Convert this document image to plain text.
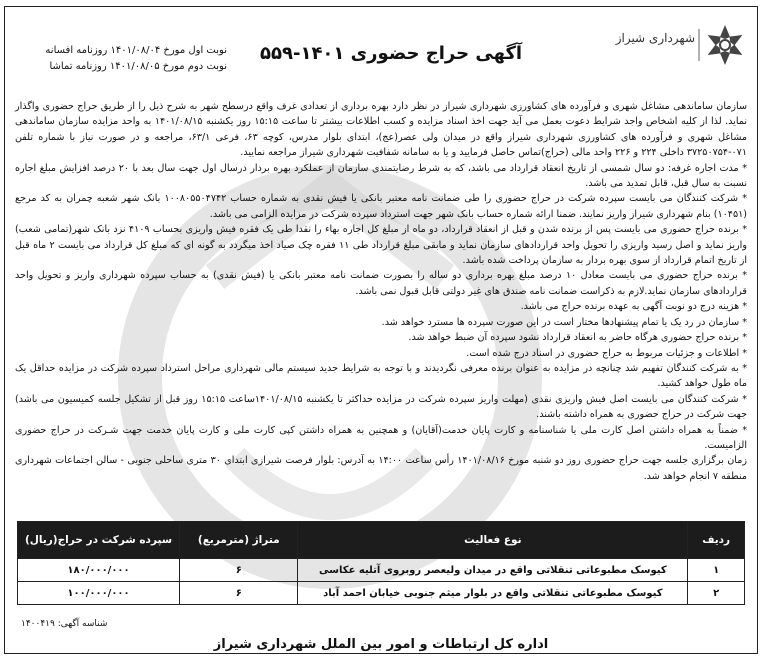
شهرداری شیراز
آگهی حراج حضوری ۱۴۰۱-۵۵۹
نوبت اول مورخ ۱۴۰۱/۰۸/۰۴ روزنامه افسانه
نوبت دوم مورخ ۱۴۰۱/۰۸/۰۵ روزنامه تماشا

سازمان ساماندهی مشاغل شهری و فرآورده های کشاورزی شهرداری شیراز در نظر دارد بهره برداری از تعدادی غرف واقع درسطح شهر به شرح ذیل را از طریق حراج حضوری واگذار نماید. لذا از کلیه اشخاص واجد شرایط دعوت بعمل می آید جهت اخذ اسناد مزایده و کسب اطلاعات بیشتر تا ساعت ۱۵:۱۵ روز یکشنبه ۱۴۰۱/۰۸/۱۵ به واحد مزایده سازمان ساماندهی مشاغل شهری و فرآورده های کشاورزی شهرداری شیراز واقع در میدان ولی عصر(عج)، ابتدای بلوار مدرس، کوچه ۶۳، فرعی ۶۳/۱، مراجعه و در صورت نیاز با شماره تلفن ۰۷۱-۳۷۲۵۰۷۵۴ داخلی ۲۲۴ و ۲۲۶ واحد مالی (حراج)تماس حاصل فرمایید و یا به سامانه شفافیت شهرداری شیراز مراجعه نمایید.

* مدت اجاره غرفه: دو سال شمسی از تاریخ انعقاد قرارداد می باشد، که به شرط رضایتمندی سازمان از عملکرد بهره بردار درسال اول جهت سال بعد با ۲۰ درصد افزایش مبلغ اجاره نسبت به سال قبل، قابل تمدید می باشد.

* شرکت کنندگان می بایست سپرده شرکت در حراج حضوری را طی ضمانت نامه معتبر بانکی یا فیش نقدی به شماره حساب ۱۰۰۸۰۵۵۰۴۷۴۲ بانک شهر شعبه چمران به کد مرجع (۱۰۴۵۱) بنام شهرداری شیراز واریز نمایند. ضمنا ارائه شماره حساب بانک شهر جهت استرداد سپرده شرکت در مزایده الزامی می باشد.

* برنده حراج حضوری می بایست پس از برنده شدن و قبل از انعقاد قرارداد، دو ماه از مبلغ کل اجاره بهاء را نقدا طی یک فقره فیش واریزی بحساب ۴۱۰۹ نزد بانک شهر(تمامی شعب) واریز نماید و اصل رسید واریزی را تحویل واحد قراردادهای سازمان نماید و مابقی مبلغ قرارداد طی ۱۱ فقره چک صیاد اخذ میگردد به گونه ای که مبلغ کل قرارداد می بایست ۲ ماه قبل از تاریخ اتمام قرارداد از سوی بهره بردار به سازمان پرداخت شده باشد.

* برنده حراج حضوری می بایست معادل ۱۰ درصد مبلغ بهره برداری دو ساله را بصورت ضمانت نامه معتبر بانکی یا (فیش نقدی) به حساب سپرده شهرداری واریز و تحویل واحد قراردادهای سازمان نماید.لازم به ذکراست ضمانت نامه صندق های غیر دولتی قابل قبول نمی باشد.

* هزینه درج دو نوبت آگهی به عهده برنده حراج می باشد.

* سازمان در رد یک یا تمام پیشنهادها مختار است در این صورت سپرده ها مسترد خواهد شد.

* برنده حراج حضوری هرگاه حاضر به انعقاد قرارداد نشود سپرده آن ضبط خواهد شد.

* اطلاعات و جزئیات مربوط به حراج حضوری در اسناد درج شده است.

* به شرکت کنندگان تفهیم شد چنانچه در مزایده به عنوان برنده معرفی نگردیدند و با توجه به شرایط جدید سیستم مالی شهرداری مراحل استرداد سپرده شرکت در مزایده حداقل یک ماه طول خواهد کشید.

* شرکت کنندگان می بایست اصل فیش واریزی نقدی (مهلت واریز سپرده شرکت در مزایده حداکثر تا یکشنبه ۱۴۰۱/۰۸/۱۵ساعت ۱۵:۱۵ روز قبل از تشکیل جلسه کمیسیون می باشد) جهت شرکت در حراج حضوری به همراه داشته باشند.

* ضمناً به همراه داشتن اصل کارت ملی یا شناسنامه و کارت پایان خدمت(آقایان) و همچنین به همراه داشتن کپی کارت ملی و کارت پایان خدمت جهت شـرکت در حراج حضوری الزامیست.

زمان برگزاری جلسه جهت حراج حضوری روز دو شنبه مورخ ۱۴۰۱/۰۸/۱۶ رأس ساعت ۱۴:۰۰ به آدرس: بلوار فرصت شیرازی ابتدای ۳۰ متری ساحلی جنوبی - سالن اجتماعات شهرداری منطقه ۷ انجام خواهد شد.

ردیف	نوع فعالیت	متراژ (مترمربع)	سپرده شرکت در حراج(ریال)
۱	کیوسک مطبوعاتی تنقلاتی واقع در میدان ولیعصر روبروی آتلیه عکاسی	۶	۱۸۰/۰۰۰/۰۰۰
۲	کیوسک مطبوعاتی تنقلاتی واقع در بلوار میثم جنوبی خیابان احمد آباد	۶	۱۰۰/۰۰۰/۰۰۰
شناسه آگهی: ۱۴۰۰۴۱۹
اداره کل ارتباطات و امور بین الملل شهرداری شیراز
